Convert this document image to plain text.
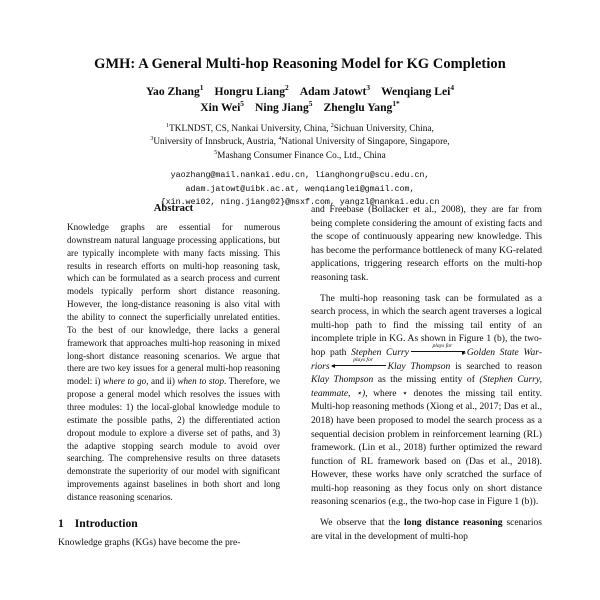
GMH: A General Multi-hop Reasoning Model for KG Completion
Yao Zhang$^1$ Hongru Liang$^2$ Adam Jatowt$^3$ Wenqiang Lei$^4$
Xin Wei$^5$ Ning Jiang$^5$ Zhenglu Yang$^{1*}$
$^1$TKLNDST, CS, Nankai University, China, $^2$Sichuan University, China,
$^3$University of Innsbruck, Austria, $^4$National University of Singapore, Singapore,
$^5$Mashang Consumer Finance Co., Ltd., China
yaozhang@mail.nankai.edu.cn, lianghongru@scu.edu.cn,
adam.jatowt@uibk.ac.at, wenqianglei@gmail.com,
{xin.wei02, ning.jiang02}@msxf.com, yangzl@nankai.edu.cn
Abstract

Knowledge graphs are essential for numerous downstream natural language processing applications, but are typically incomplete with many facts missing. This results in research efforts on multi-hop reasoning task, which can be formulated as a search process and current models typically perform short distance reasoning. However, the long-distance reasoning is also vital with the ability to connect the superficially unrelated entities. To the best of our knowledge, there lacks a general framework that approaches multi-hop reasoning in mixed long-short distance reasoning scenarios. We argue that there are two key issues for a general multi-hop reasoning model: i) where to go, and ii) when to stop. Therefore, we propose a general model which resolves the issues with three modules: 1) the local-global knowledge module to estimate the possible paths, 2) the differentiated action dropout module to explore a diverse set of paths, and 3) the adaptive stopping search module to avoid over searching. The comprehensive results on three datasets demonstrate the superiority of our model with significant improvements against baselines in both short and long distance reasoning scenarios.

1 Introduction

Knowledge graphs (KGs) have become the pre-

and Freebase (Bollacker et al., 2008), they are far from being complete considering the amount of existing facts and the scope of continuously appearing new knowledge. This has become the performance bottleneck of many KG-related applications, triggering research efforts on the multi-hop reasoning task.

The multi-hop reasoning task can be formulated as a search process, in which the search agent traverses a logical multi-hop path to find the missing tail entity of an incomplete triple in KG. As shown in Figure 1 (b), the two-hop path Stephen Curry
plays for
Golden State War-riors
plays for
Klay Thompson is searched to reason Klay Thompson as the missing entity of (Stephen Curry, teammate, ⋆), where ⋆ denotes the missing tail entity. Multi-hop reasoning methods (Xiong et al., 2017; Das et al., 2018) have been proposed to model the search process as a sequential decision problem in reinforcement learning (RL) framework. (Lin et al., 2018) further optimized the reward function of RL framework based on (Das et al., 2018). However, these works have only scratched the surface of multi-hop reasoning as they focus only on short distance reasoning scenarios (e.g., the two-hop case in Figure 1 (b)).

We observe that the long distance reasoning scenarios are vital in the development of multi-hop
